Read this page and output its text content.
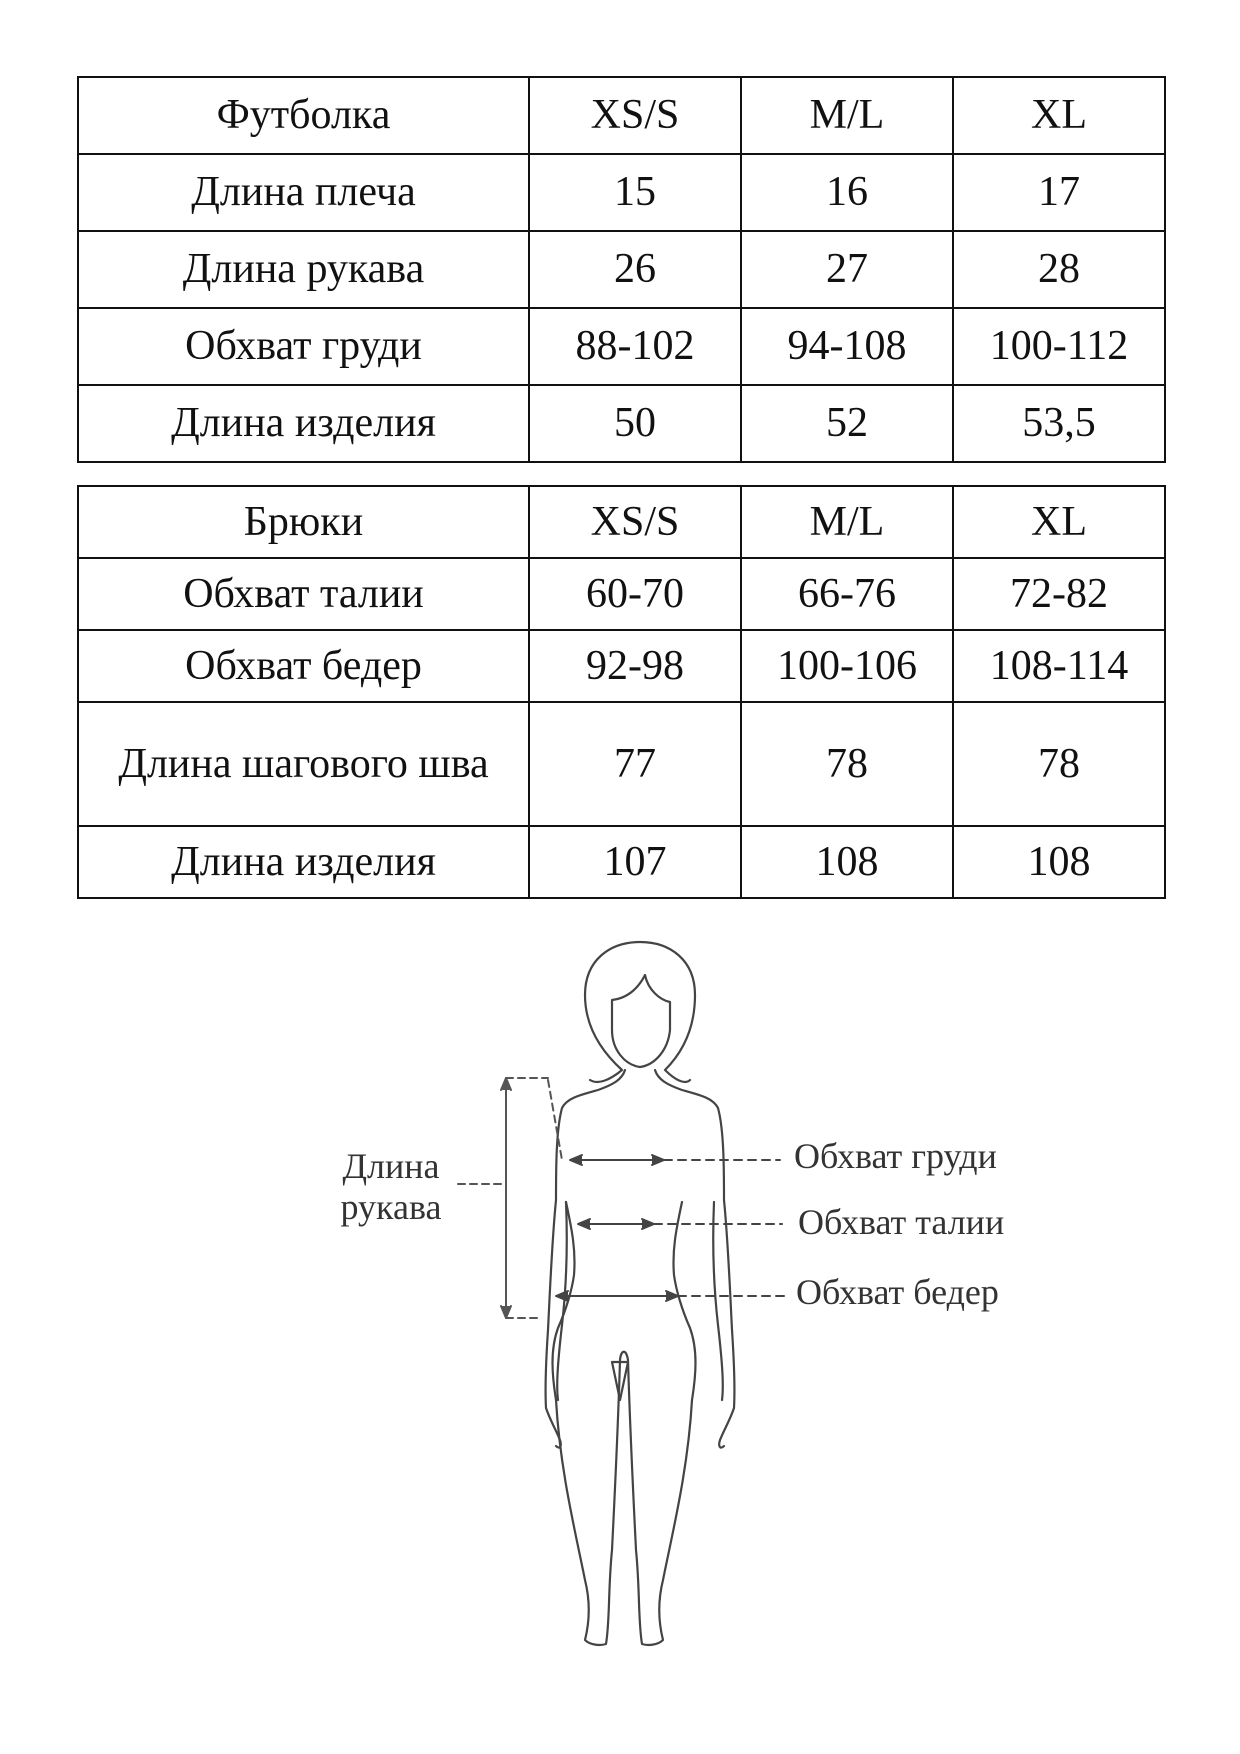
Футболка	XS/S	M/L	XL
Длина плеча	15	16	17
Длина рукава	26	27	28
Обхват груди	88-102	94-108	100-112
Длина изделия	50	52	53,5
Брюки	XS/S	M/L	XL
Обхват талии	60-70	66-76	72-82
Обхват бедер	92-98	100-106	108-114
Длина шагового шва	77	78	78
Длина изделия	107	108	108
Длина
рукава
Обхват груди
Обхват талии
Обхват бедер
